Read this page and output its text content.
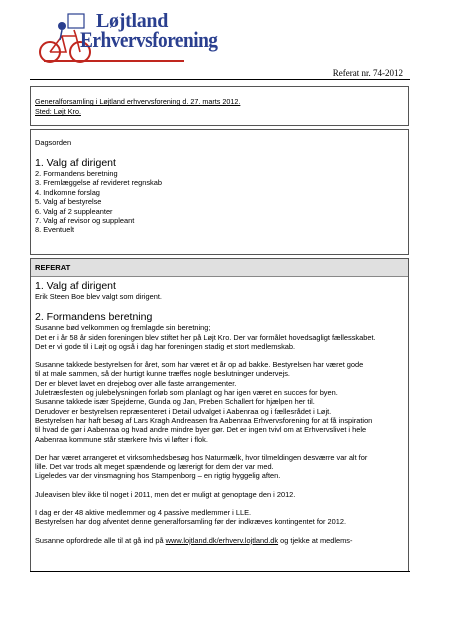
Løjtland
Erhvervsforening
Referat nr. 74-2012
Generalforsamling i Løjtland erhvervsforening d. 27. marts 2012.
Sted: Løjt Kro.
Dagsorden
1. Valg af dirigent
2. Formandens beretning
3. Fremlæggelse af revideret regnskab
4. Indkomne forslag
5. Valg af bestyrelse
6. Valg af 2 suppleanter
7. Valg af revisor og suppleant
8. Eventuelt
REFERAT
1. Valg af dirigent

Erik Steen Boe blev valgt som dirigent.

2. Formandens beretning

Susanne bød velkommen og fremlagde sin beretning;

Det er i år 58 år siden foreningen blev stiftet her på Løjt Kro. Der var formålet hovedsagligt fællesskabet.

Det er vi gode til i Løjt og også i dag har foreningen stadig et stort medlemskab.

Susanne takkede bestyrelsen for året, som har været et år op ad bakke. Bestyrelsen har været gode

til at male sammen, så der hurtigt kunne træffes nogle beslutninger undervejs.

Der er blevet lavet en drejebog over alle faste arrangementer.

Juletræsfesten og julebelysningen forløb som planlagt og har igen været en succes for byen.

Susanne takkede især Spejderne, Gunda og Jan, Preben Schallert for hjælpen her til.

Derudover er bestyrelsen repræsenteret i Detail udvalget i Aabenraa og i fællesrådet i Løjt.

Bestyrelsen har haft besøg af Lars Kragh Andreasen fra Aabenraa Erhvervsforening for at få inspiration

til hvad de gør i Aabenraa og hvad andre mindre byer gør. Det er ingen tvivl om at Erhvervslivet i hele

Aabenraa kommune står stærkere hvis vi løfter i flok.

Der har været arrangeret et virksomhedsbesøg hos Naturmælk, hvor tilmeldingen desværre var alt for

lille. Det var trods alt meget spændende og lærerigt for dem der var med.

Ligeledes var der vinsmagning hos Stampenborg – en rigtig hyggelig aften.

Juleavisen blev ikke til noget i 2011, men det er muligt at genoptage den i 2012.

I dag er der 48 aktive medlemmer og 4 passive medlemmer i LLE.

Bestyrelsen har dog afventet denne generalforsamling før der indkræves kontingentet for 2012.

Susanne opfordrede alle til at gå ind på www.lojtland.dk/erhverv.lojtland.dk og tjekke at medlems-
